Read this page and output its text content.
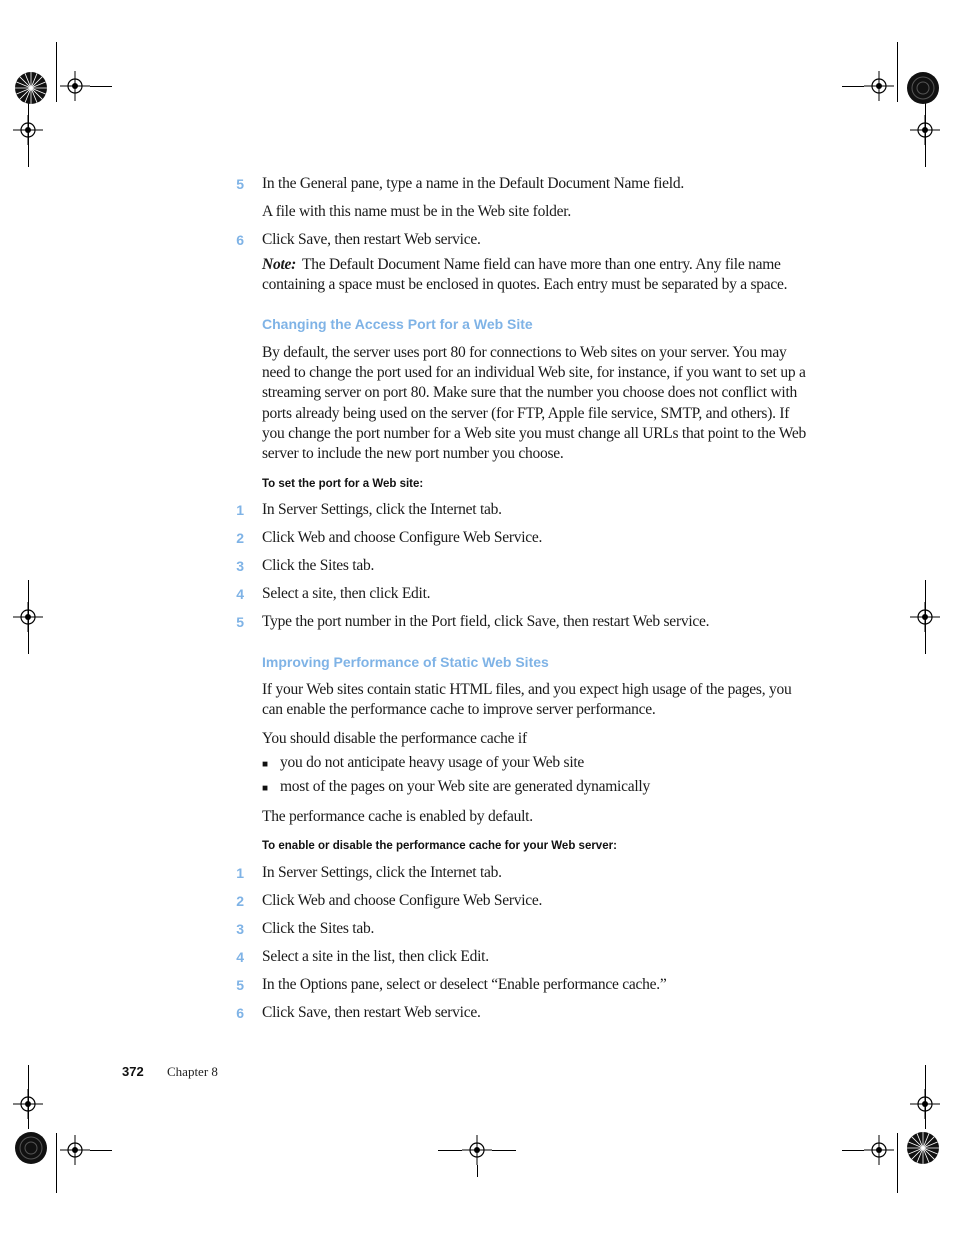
5 In the General pane, type a name in the Default Document Name field.
A file with this name must be in the Web site folder.
6 Click Save, then restart Web service.
Note: The Default Document Name field can have more than one entry. Any file name containing a space must be enclosed in quotes. Each entry must be separated by a space.
Changing the Access Port for a Web Site
By default, the server uses port 80 for connections to Web sites on your server. You may need to change the port used for an individual Web site, for instance, if you want to set up a streaming server on port 80. Make sure that the number you choose does not conflict with ports already being used on the server (for FTP, Apple file service, SMTP, and others). If you change the port number for a Web site you must change all URLs that point to the Web server to include the new port number you choose.
To set the port for a Web site:
1 In Server Settings, click the Internet tab.
2 Click Web and choose Configure Web Service.
3 Click the Sites tab.
4 Select a site, then click Edit.
5 Type the port number in the Port field, click Save, then restart Web service.
Improving Performance of Static Web Sites
If your Web sites contain static HTML files, and you expect high usage of the pages, you can enable the performance cache to improve server performance.
You should disable the performance cache if
■ you do not anticipate heavy usage of your Web site
■ most of the pages on your Web site are generated dynamically
The performance cache is enabled by default.
To enable or disable the performance cache for your Web server:
1 In Server Settings, click the Internet tab.
2 Click Web and choose Configure Web Service.
3 Click the Sites tab.
4 Select a site in the list, then click Edit.
5 In the Options pane, select or deselect “Enable performance cache.”
6 Click Save, then restart Web service.
372 Chapter 8
